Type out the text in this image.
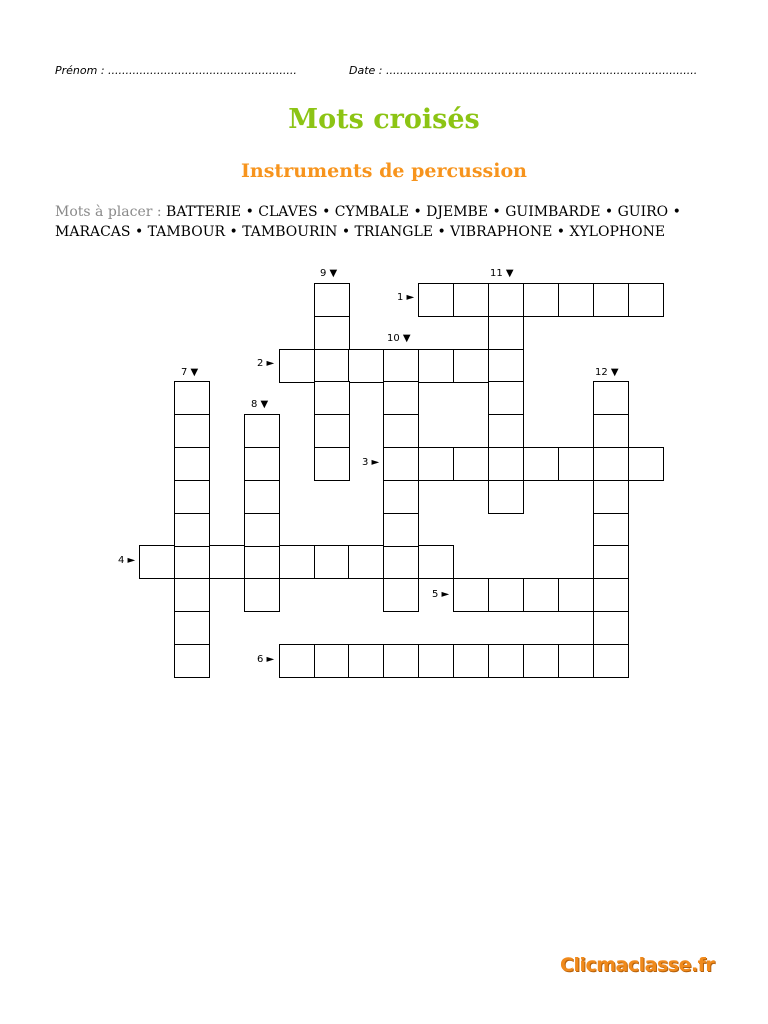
Prénom : ......................................................	Date : .........................................................................................
Mots croisés
Instruments de percussion
Mots à placer : BATTERIE • CLAVES • CYMBALE • DJEMBE • GUIMBARDE • GUIRO •
MARACAS • TAMBOUR • TAMBOURIN • TRIANGLE • VIBRAPHONE • XYLOPHONE
9 ▼	11 ▼
1 ►
10 ▼
2 ►
7 ▼	12 ▼
8 ▼
3 ►
4 ►
5 ►
6 ►
Clicmaclasse.fr
